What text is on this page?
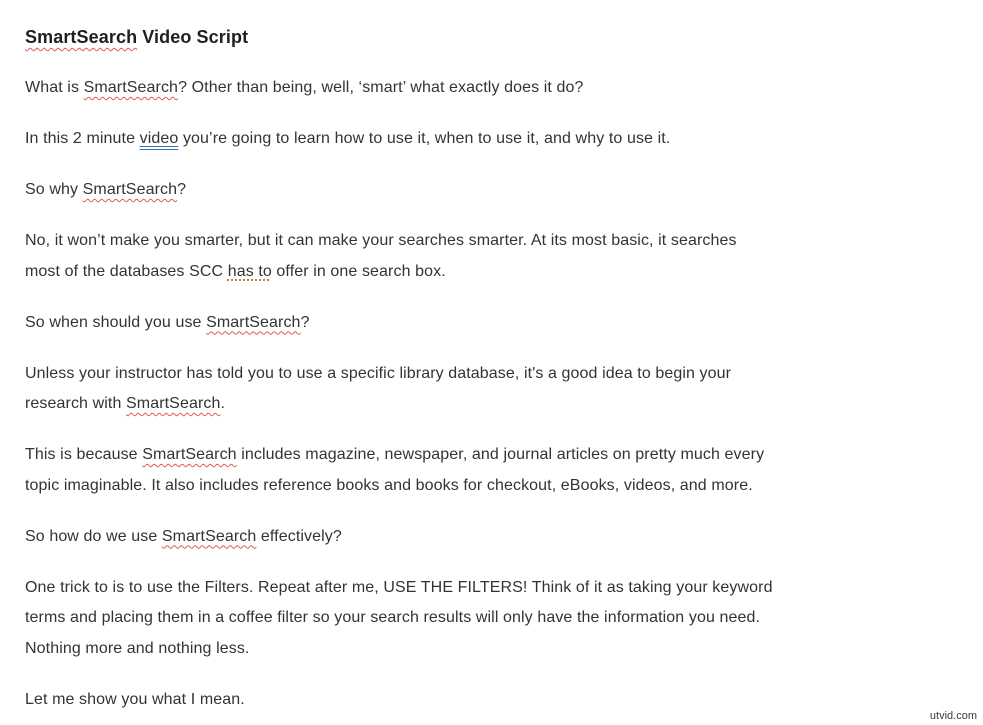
SmartSearch Video Script

What is SmartSearch? Other than being, well, ‘smart’ what exactly does it do?

In this 2 minute video you’re going to learn how to use it, when to use it, and why to use it.

So why SmartSearch?

No, it won’t make you smarter, but it can make your searches smarter. At its most basic, it searches
most of the databases SCC has to offer in one search box.

So when should you use SmartSearch?

Unless your instructor has told you to use a specific library database, it's a good idea to begin your
research with SmartSearch.

This is because SmartSearch includes magazine, newspaper, and journal articles on pretty much every
topic imaginable. It also includes reference books and books for checkout, eBooks, videos, and more.

So how do we use SmartSearch effectively?

One trick to is to use the Filters. Repeat after me, USE THE FILTERS! Think of it as taking your keyword
terms and placing them in a coffee filter so your search results will only have the information you need.
Nothing more and nothing less.

Let me show you what I mean.

utvid.com
